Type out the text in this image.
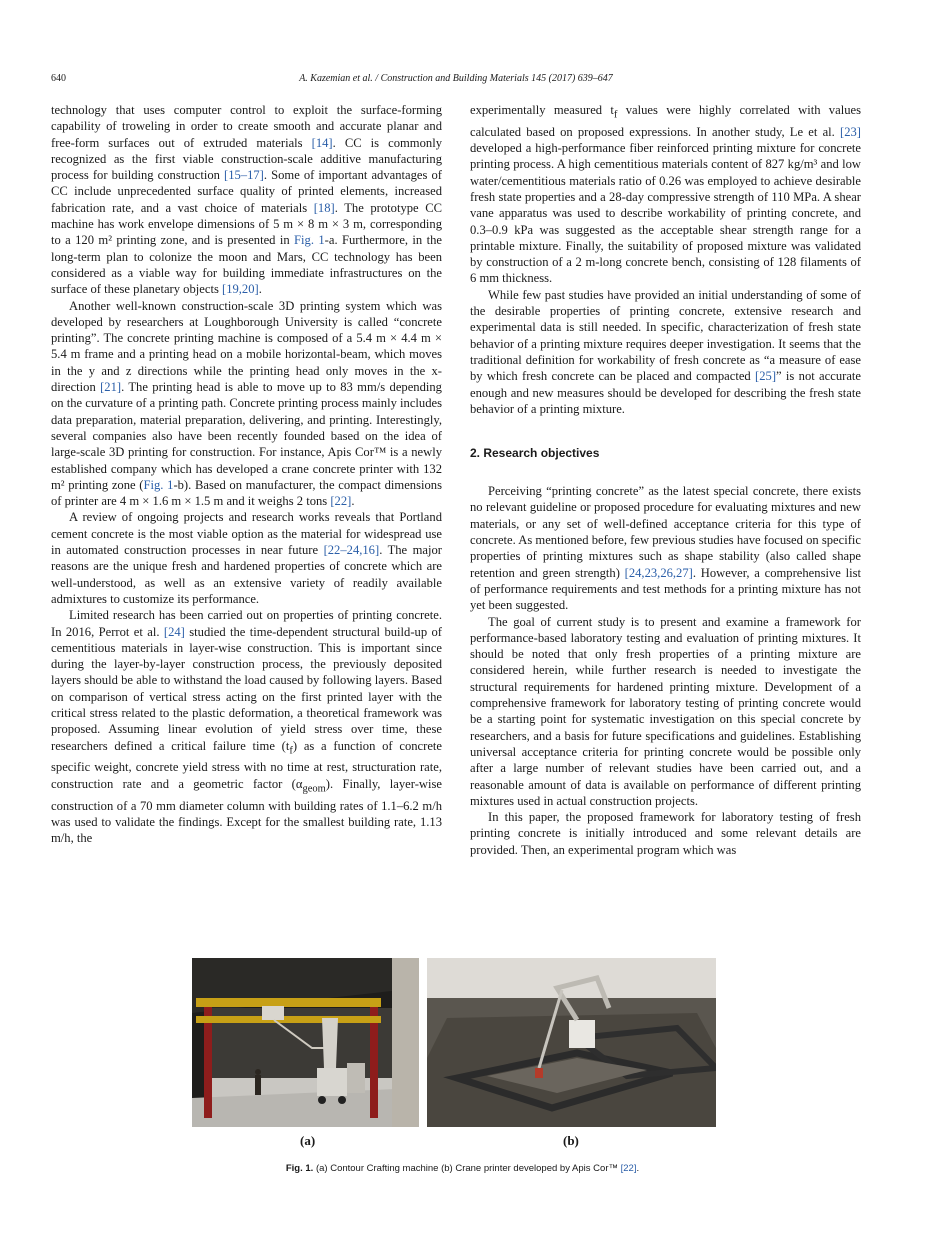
640	A. Kazemian et al. / Construction and Building Materials 145 (2017) 639–647

technology that uses computer control to exploit the surface-forming capability of troweling in order to create smooth and accurate planar and free-form surfaces out of extruded materials [14]. CC is commonly recognized as the first viable construction-scale additive manufacturing process for building construction [15–17]. Some of important advantages of CC include unprecedented surface quality of printed elements, increased fabrication rate, and a vast choice of materials [18]. The prototype CC machine has work envelope dimensions of 5 m × 8 m × 3 m, corresponding to a 120 m² printing zone, and is presented in Fig. 1-a. Furthermore, in the long-term plan to colonize the moon and Mars, CC technology has been considered as a viable way for building immediate infrastructures on the surface of these planetary objects [19,20].

Another well-known construction-scale 3D printing system which was developed by researchers at Loughborough University is called “concrete printing”. The concrete printing machine is composed of a 5.4 m × 4.4 m × 5.4 m frame and a printing head on a mobile horizontal-beam, which moves in the y and z directions while the printing head only moves in the x-direction [21]. The printing head is able to move up to 83 mm/s depending on the curvature of a printing path. Concrete printing process mainly includes data preparation, material preparation, delivering, and printing. Interestingly, several companies also have been recently founded based on the idea of large-scale 3D printing for construction. For instance, Apis Cor™ is a newly established company which has developed a crane concrete printer with 132 m² printing zone (Fig. 1-b). Based on manufacturer, the compact dimensions of printer are 4 m × 1.6 m × 1.5 m and it weighs 2 tons [22].

A review of ongoing projects and research works reveals that Portland cement concrete is the most viable option as the material for widespread use in automated construction processes in near future [22–24,16]. The major reasons are the unique fresh and hardened properties of concrete which are well-understood, as well as an extensive variety of readily available admixtures to customize its performance.

Limited research has been carried out on properties of printing concrete. In 2016, Perrot et al. [24] studied the time-dependent structural build-up of cementitious materials in layer-wise construction. This is important since during the layer-by-layer construction process, the previously deposited layers should be able to withstand the load caused by following layers. Based on comparison of vertical stress acting on the first printed layer with the critical stress related to the plastic deformation, a theoretical framework was proposed. Assuming linear evolution of yield stress over time, these researchers defined a critical failure time $(t_f)$ as a function of concrete specific weight, concrete yield stress with no time at rest, structuration rate, construction rate and a geometric factor $(\alpha_{geom})$. Finally, layer-wise construction of a 70 mm diameter column with building rates of 1.1–6.2 m/h was used to validate the findings. Except for the smallest building rate, 1.13 m/h, the

experimentally measured $t_f$ values were highly correlated with values calculated based on proposed expressions. In another study, Le et al. [23] developed a high-performance fiber reinforced printing mixture for concrete printing process. A high cementitious materials content of 827 kg/m³ and low water/cementitious materials ratio of 0.26 was employed to achieve desirable fresh state properties and a 28-day compressive strength of 110 MPa. A shear vane apparatus was used to describe workability of printing concrete, and 0.3–0.9 kPa was suggested as the acceptable shear strength range for a printable mixture. Finally, the suitability of proposed mixture was validated by construction of a 2 m-long concrete bench, consisting of 128 filaments of 6 mm thickness.

While few past studies have provided an initial understanding of some of the desirable properties of printing concrete, extensive research and experimental data is still needed. In specific, characterization of fresh state behavior of a printing mixture requires deeper investigation. It seems that the traditional definition for workability of fresh concrete as “a measure of ease by which fresh concrete can be placed and compacted [25]” is not accurate enough and new measures should be developed for describing the fresh state behavior of a printing mixture.

2. Research objectives

Perceiving “printing concrete” as the latest special concrete, there exists no relevant guideline or proposed procedure for evaluating mixtures and new materials, or any set of well-defined acceptance criteria for this type of concrete. As mentioned before, few previous studies have focused on specific properties of printing mixtures such as shape stability (also called shape retention and green strength) [24,23,26,27]. However, a comprehensive list of performance requirements and test methods for a printing mixture has not yet been suggested.

The goal of current study is to present and examine a framework for performance-based laboratory testing and evaluation of printing mixtures. It should be noted that only fresh properties of a printing mixture are considered herein, while further research is needed to investigate the structural requirements for hardened printing mixture. Development of a comprehensive framework for laboratory testing of printing concrete would be a starting point for systematic investigation on this special concrete by researchers, and a basis for future specifications and guidelines. Establishing universal acceptance criteria for printing concrete would be possible only after a large number of relevant studies have been carried out, and a reasonable amount of data is available on performance of different printing mixtures used in actual construction projects.

In this paper, the proposed framework for laboratory testing of fresh printing concrete is initially introduced and some relevant details are provided. Then, an experimental program which was

(a)	(b)
Fig. 1. (a) Contour Crafting machine (b) Crane printer developed by Apis Cor™ [22].
